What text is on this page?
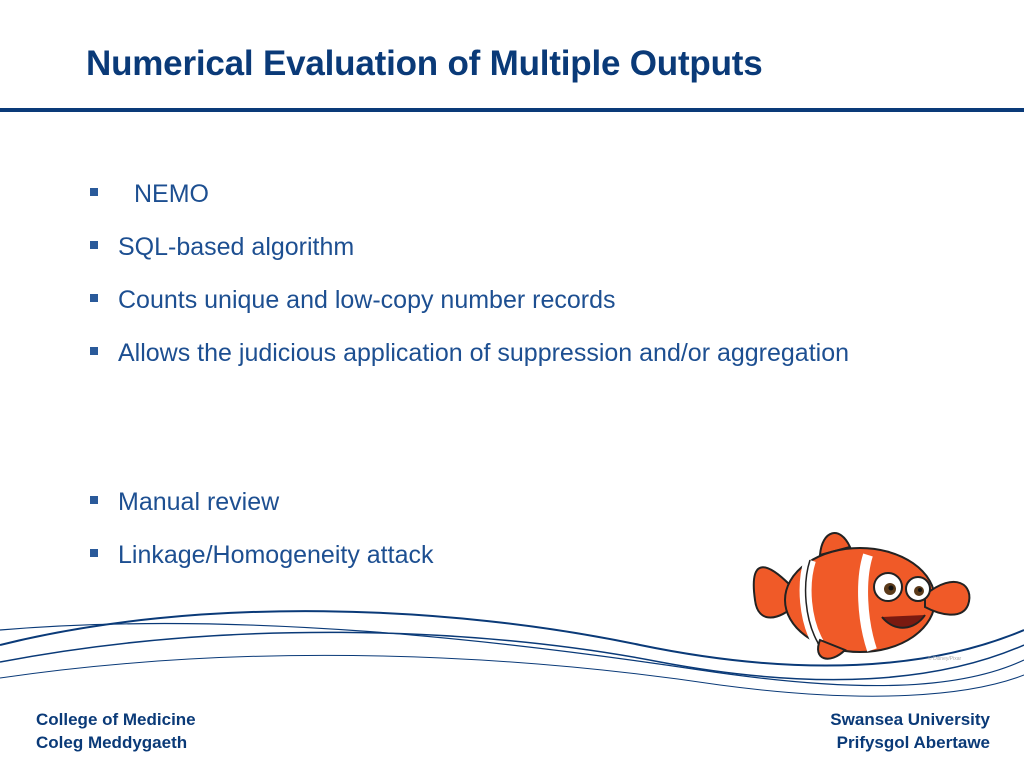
Numerical Evaluation of Multiple Outputs
NEMO
SQL-based algorithm
Counts unique and low-copy number records
Allows the judicious application of suppression and/or aggregation
Manual review
Linkage/Homogeneity attack
© Disney/Pixar
College of Medicine
Coleg Meddygaeth
Swansea University
Prifysgol Abertawe
